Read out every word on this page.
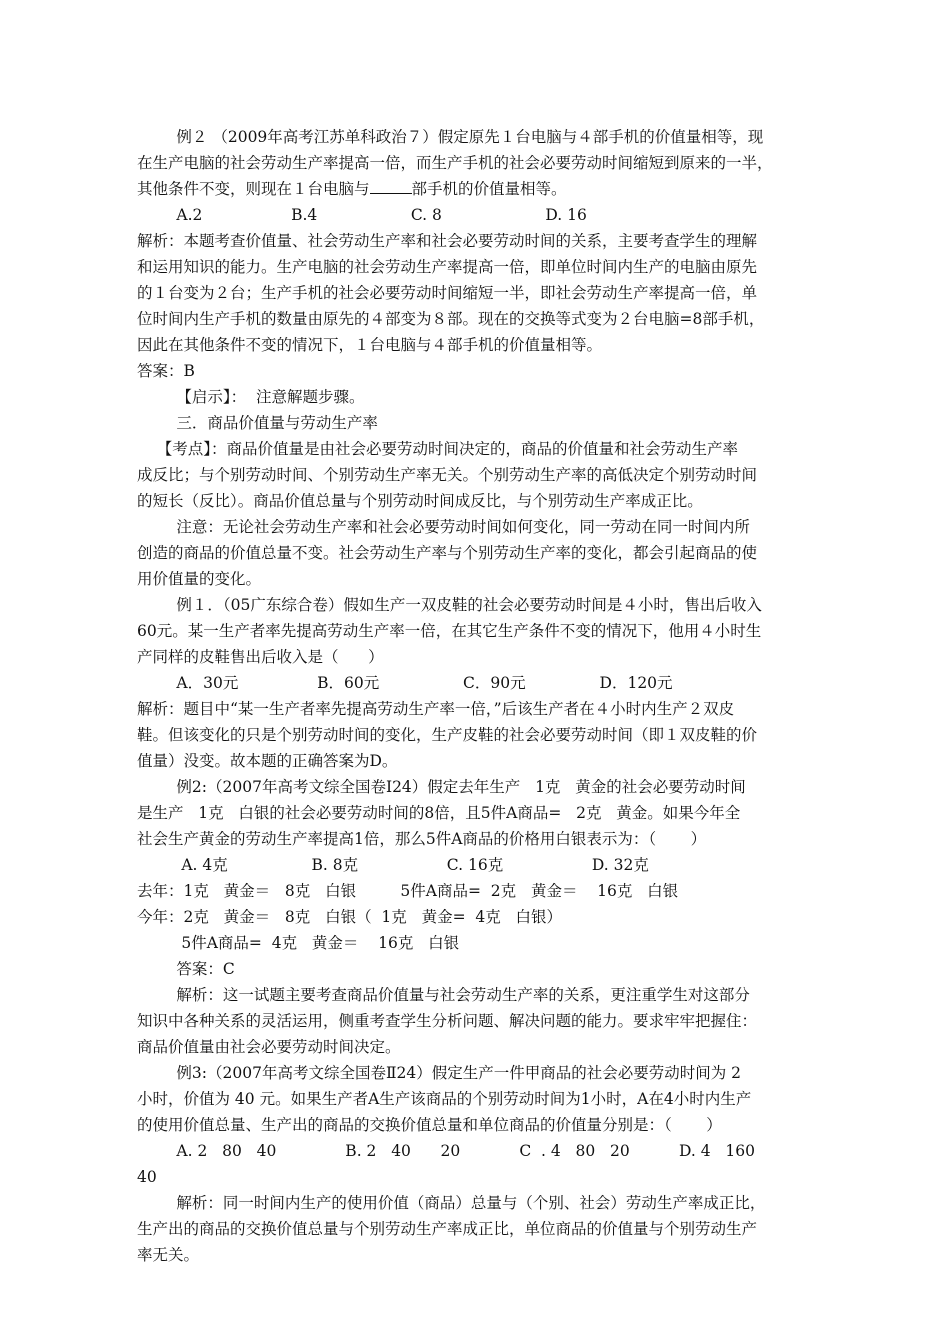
例２ （2009年高考江苏单科政治７）假定原先１台电脑与４部手机的价值量相等，现
在生产电脑的社会劳动生产率提高一倍，而生产手机的社会必要劳动时间缩短到原来的一半，
其他条件不变，则现在１台电脑与	部手机的价值量相等。
A.2                  B.4                   C. 8                     D. 16
解析：本题考查价值量、社会劳动生产率和社会必要劳动时间的关系，主要考查学生的理解
和运用知识的能力。生产电脑的社会劳动生产率提高一倍，即单位时间内生产的电脑由原先
的１台变为２台；生产手机的社会必要劳动时间缩短一半，即社会劳动生产率提高一倍，单
位时间内生产手机的数量由原先的４部变为８部。现在的交换等式变为２台电脑=8部手机，
因此在其他条件不变的情况下，１台电脑与４部手机的价值量相等。
答案：B
【启示】：  注意解题步骤。
三．商品价值量与劳动生产率
【考点】：商品价值量是由社会必要劳动时间决定的，商品的价值量和社会劳动生产率
成反比；与个别劳动时间、个别劳动生产率无关。个别劳动生产率的高低决定个别劳动时间
的短长（反比）。商品价值总量与个别劳动时间成反比，与个别劳动生产率成正比。
注意：无论社会劳动生产率和社会必要劳动时间如何变化，同一劳动在同一时间内所
创造的商品的价值总量不变。社会劳动生产率与个别劳动生产率的变化，都会引起商品的使
用价值量的变化。
例１．（05广东综合卷）假如生产一双皮鞋的社会必要劳动时间是４小时，售出后收入
60元。某一生产者率先提高劳动生产率一倍，在其它生产条件不变的情况下，他用４小时生
产同样的皮鞋售出后收入是（      ）
A．30元                B．60元                 C．90元               D．120元
解析：题目中“某一生产者率先提高劳动生产率一倍，”后该生产者在４小时内生产２双皮
鞋。但该变化的只是个别劳动时间的变化，生产皮鞋的社会必要劳动时间（即１双皮鞋的价
值量）没变。故本题的正确答案为D。
例2:（2007年高考文综全国卷Ⅰ24）假定去年生产   1克   黄金的社会必要劳动时间
是生产   1克   白银的社会必要劳动时间的8倍，且5件A商品=   2克   黄金。如果今年全
社会生产黄金的劳动生产率提高1倍，那么5件A商品的价格用白银表示为：（       ）
A. 4克                 B. 8克                  C. 16克                  D. 32克
去年：1克   黄金＝   8克   白银         5件A商品=  2克   黄金＝    16克   白银
今年：2克   黄金＝   8克   白银（  1克   黄金=  4克   白银）
5件A商品=  4克   黄金＝    16克   白银
答案：C
解析：这一试题主要考查商品价值量与社会劳动生产率的关系，更注重学生对这部分
知识中各种关系的灵活运用，侧重考查学生分析问题、解决问题的能力。要求牢牢把握住：
商品价值量由社会必要劳动时间决定。
例3:（2007年高考文综全国卷Ⅱ24）假定生产一件甲商品的社会必要劳动时间为 2
小时，价值为 40 元。如果生产者A生产该商品的个别劳动时间为1小时，A在4小时内生产
的使用价值总量、生产出的商品的交换价值总量和单位商品的价值量分别是：（       ）
A. 2   80   40              B. 2   40      20            C  . 4   80   20          D. 4   160
40
解析：同一时间内生产的使用价值（商品）总量与（个别、社会）劳动生产率成正比，
生产出的商品的交换价值总量与个别劳动生产率成正比，单位商品的价值量与个别劳动生产
率无关。
